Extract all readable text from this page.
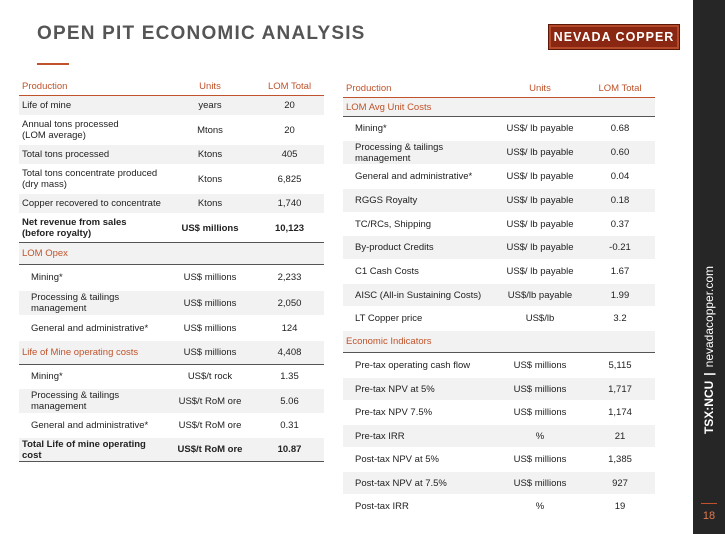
OPEN PIT ECONOMIC ANALYSIS	NEVADA COPPER
TSX:NCU|nevadacopper.com
18
Production	Units	LOM Total
Life of mine	years	20
Annual tons processed
(LOM average)	Mtons	20
Total tons processed	Ktons	405
Total tons concentrate produced
(dry mass)	Ktons	6,825
Copper recovered to concentrate	Ktons	1,740
Net revenue from sales
(before royalty)	US$ millions	10,123
LOM Opex
Mining*	US$ millions	2,233
Processing & tailings
management	US$ millions	2,050
General and administrative*	US$ millions	124
Life of Mine operating costs	US$ millions	4,408
Mining*	US$/t rock	1.35
Processing & tailings
management	US$/t RoM ore	5.06
General and administrative*	US$/t RoM ore	0.31
Total Life of mine operating cost	US$/t RoM ore	10.87
Production	Units	LOM Total
LOM Avg Unit Costs
Mining*	US$/ lb payable	0.68
Processing & tailings
management	US$/ lb payable	0.60
General and administrative*	US$/ lb payable	0.04
RGGS Royalty	US$/ lb payable	0.18
TC/RCs, Shipping	US$/ lb payable	0.37
By-product Credits	US$/ lb payable	-0.21
C1 Cash Costs	US$/ lb payable	1.67
AISC (All-in Sustaining Costs)	US$/lb payable	1.99
LT Copper price	US$/lb	3.2
Economic Indicators
Pre-tax operating cash flow	US$ millions	5,115
Pre-tax NPV at 5%	US$ millions	1,717
Pre-tax NPV 7.5%	US$ millions	1,174
Pre-tax IRR	%	21
Post-tax NPV at 5%	US$ millions	1,385
Post-tax NPV at 7.5%	US$ millions	927
Post-tax IRR	%	19
